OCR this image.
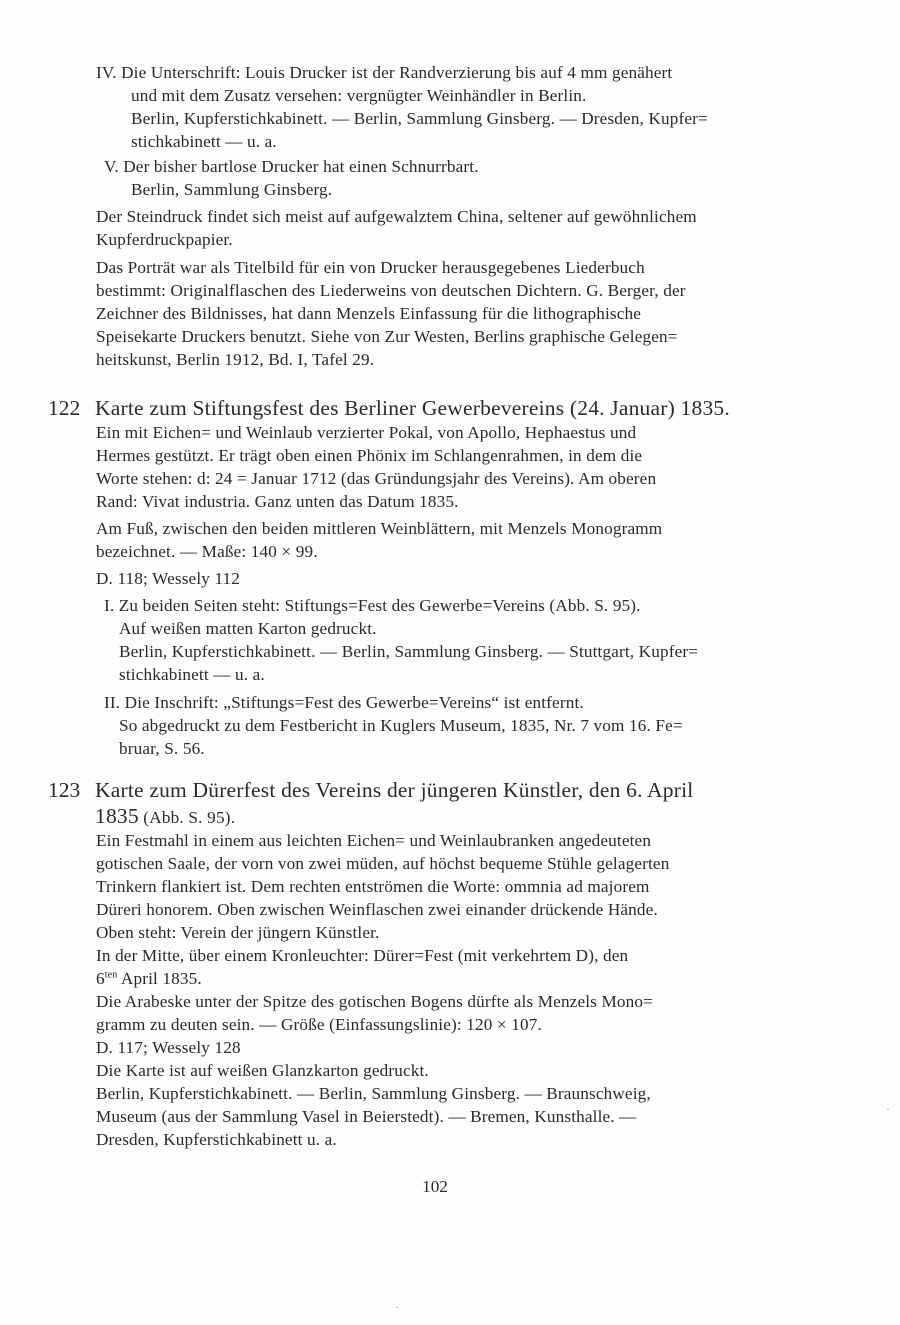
IV. Die Unterschrift: Louis Drucker ist der Randverzierung bis auf 4 mm genähert

und mit dem Zusatz versehen: vergnügter Weinhändler in Berlin.

Berlin, Kupferstichkabinett. — Berlin, Sammlung Ginsberg. — Dresden, Kupfer=

stichkabinett — u. a.

V. Der bisher bartlose Drucker hat einen Schnurrbart.

Berlin, Sammlung Ginsberg.

Der Steindruck findet sich meist auf aufgewalztem China, seltener auf gewöhnlichem

Kupferdruckpapier.

Das Porträt war als Titelbild für ein von Drucker herausgegebenes Liederbuch

bestimmt: Originalflaschen des Liederweins von deutschen Dichtern. G. Berger, der

Zeichner des Bildnisses, hat dann Menzels Einfassung für die lithographische

Speisekarte Druckers benutzt. Siehe von Zur Westen, Berlins graphische Gelegen=

heitskunst, Berlin 1912, Bd. I, Tafel 29.

122 Karte zum Stiftungsfest des Berliner Gewerbevereins (24. Januar) 1835.

Ein mit Eichen= und Weinlaub verzierter Pokal, von Apollo, Hephaestus und

Hermes gestützt. Er trägt oben einen Phönix im Schlangenrahmen, in dem die

Worte stehen: d: 24 = Januar 1712 (das Gründungsjahr des Vereins). Am oberen

Rand: Vivat industria. Ganz unten das Datum 1835.

Am Fuß, zwischen den beiden mittleren Weinblättern, mit Menzels Monogramm

bezeichnet. — Maße: 140 × 99.

D. 118; Wessely 112

I. Zu beiden Seiten steht: Stiftungs=Fest des Gewerbe=Vereins (Abb. S. 95).

Auf weißen matten Karton gedruckt.

Berlin, Kupferstichkabinett. — Berlin, Sammlung Ginsberg. — Stuttgart, Kupfer=

stichkabinett — u. a.

II. Die Inschrift: „Stiftungs=Fest des Gewerbe=Vereins“ ist entfernt.

So abgedruckt zu dem Festbericht in Kuglers Museum, 1835, Nr. 7 vom 16. Fe=

bruar, S. 56.

123 Karte zum Dürerfest des Vereins der jüngeren Künstler, den 6. April
1835 (Abb. S. 95).

Ein Festmahl in einem aus leichten Eichen= und Weinlaubranken angedeuteten

gotischen Saale, der vorn von zwei müden, auf höchst bequeme Stühle gelagerten

Trinkern flankiert ist. Dem rechten entströmen die Worte: ommnia ad majorem

Düreri honorem. Oben zwischen Weinflaschen zwei einander drückende Hände.

Oben steht: Verein der jüngern Künstler.

In der Mitte, über einem Kronleuchter: Dürer=Fest (mit verkehrtem D), den

$6^{ten}$ April 1835.

Die Arabeske unter der Spitze des gotischen Bogens dürfte als Menzels Mono=

gramm zu deuten sein. — Größe (Einfassungslinie): 120 × 107.

D. 117; Wessely 128

Die Karte ist auf weißen Glanzkarton gedruckt.

Berlin, Kupferstichkabinett. — Berlin, Sammlung Ginsberg. — Braunschweig,

Museum (aus der Sammlung Vasel in Beierstedt). — Bremen, Kunsthalle. —

Dresden, Kupferstichkabinett u. a.

102
·
·
